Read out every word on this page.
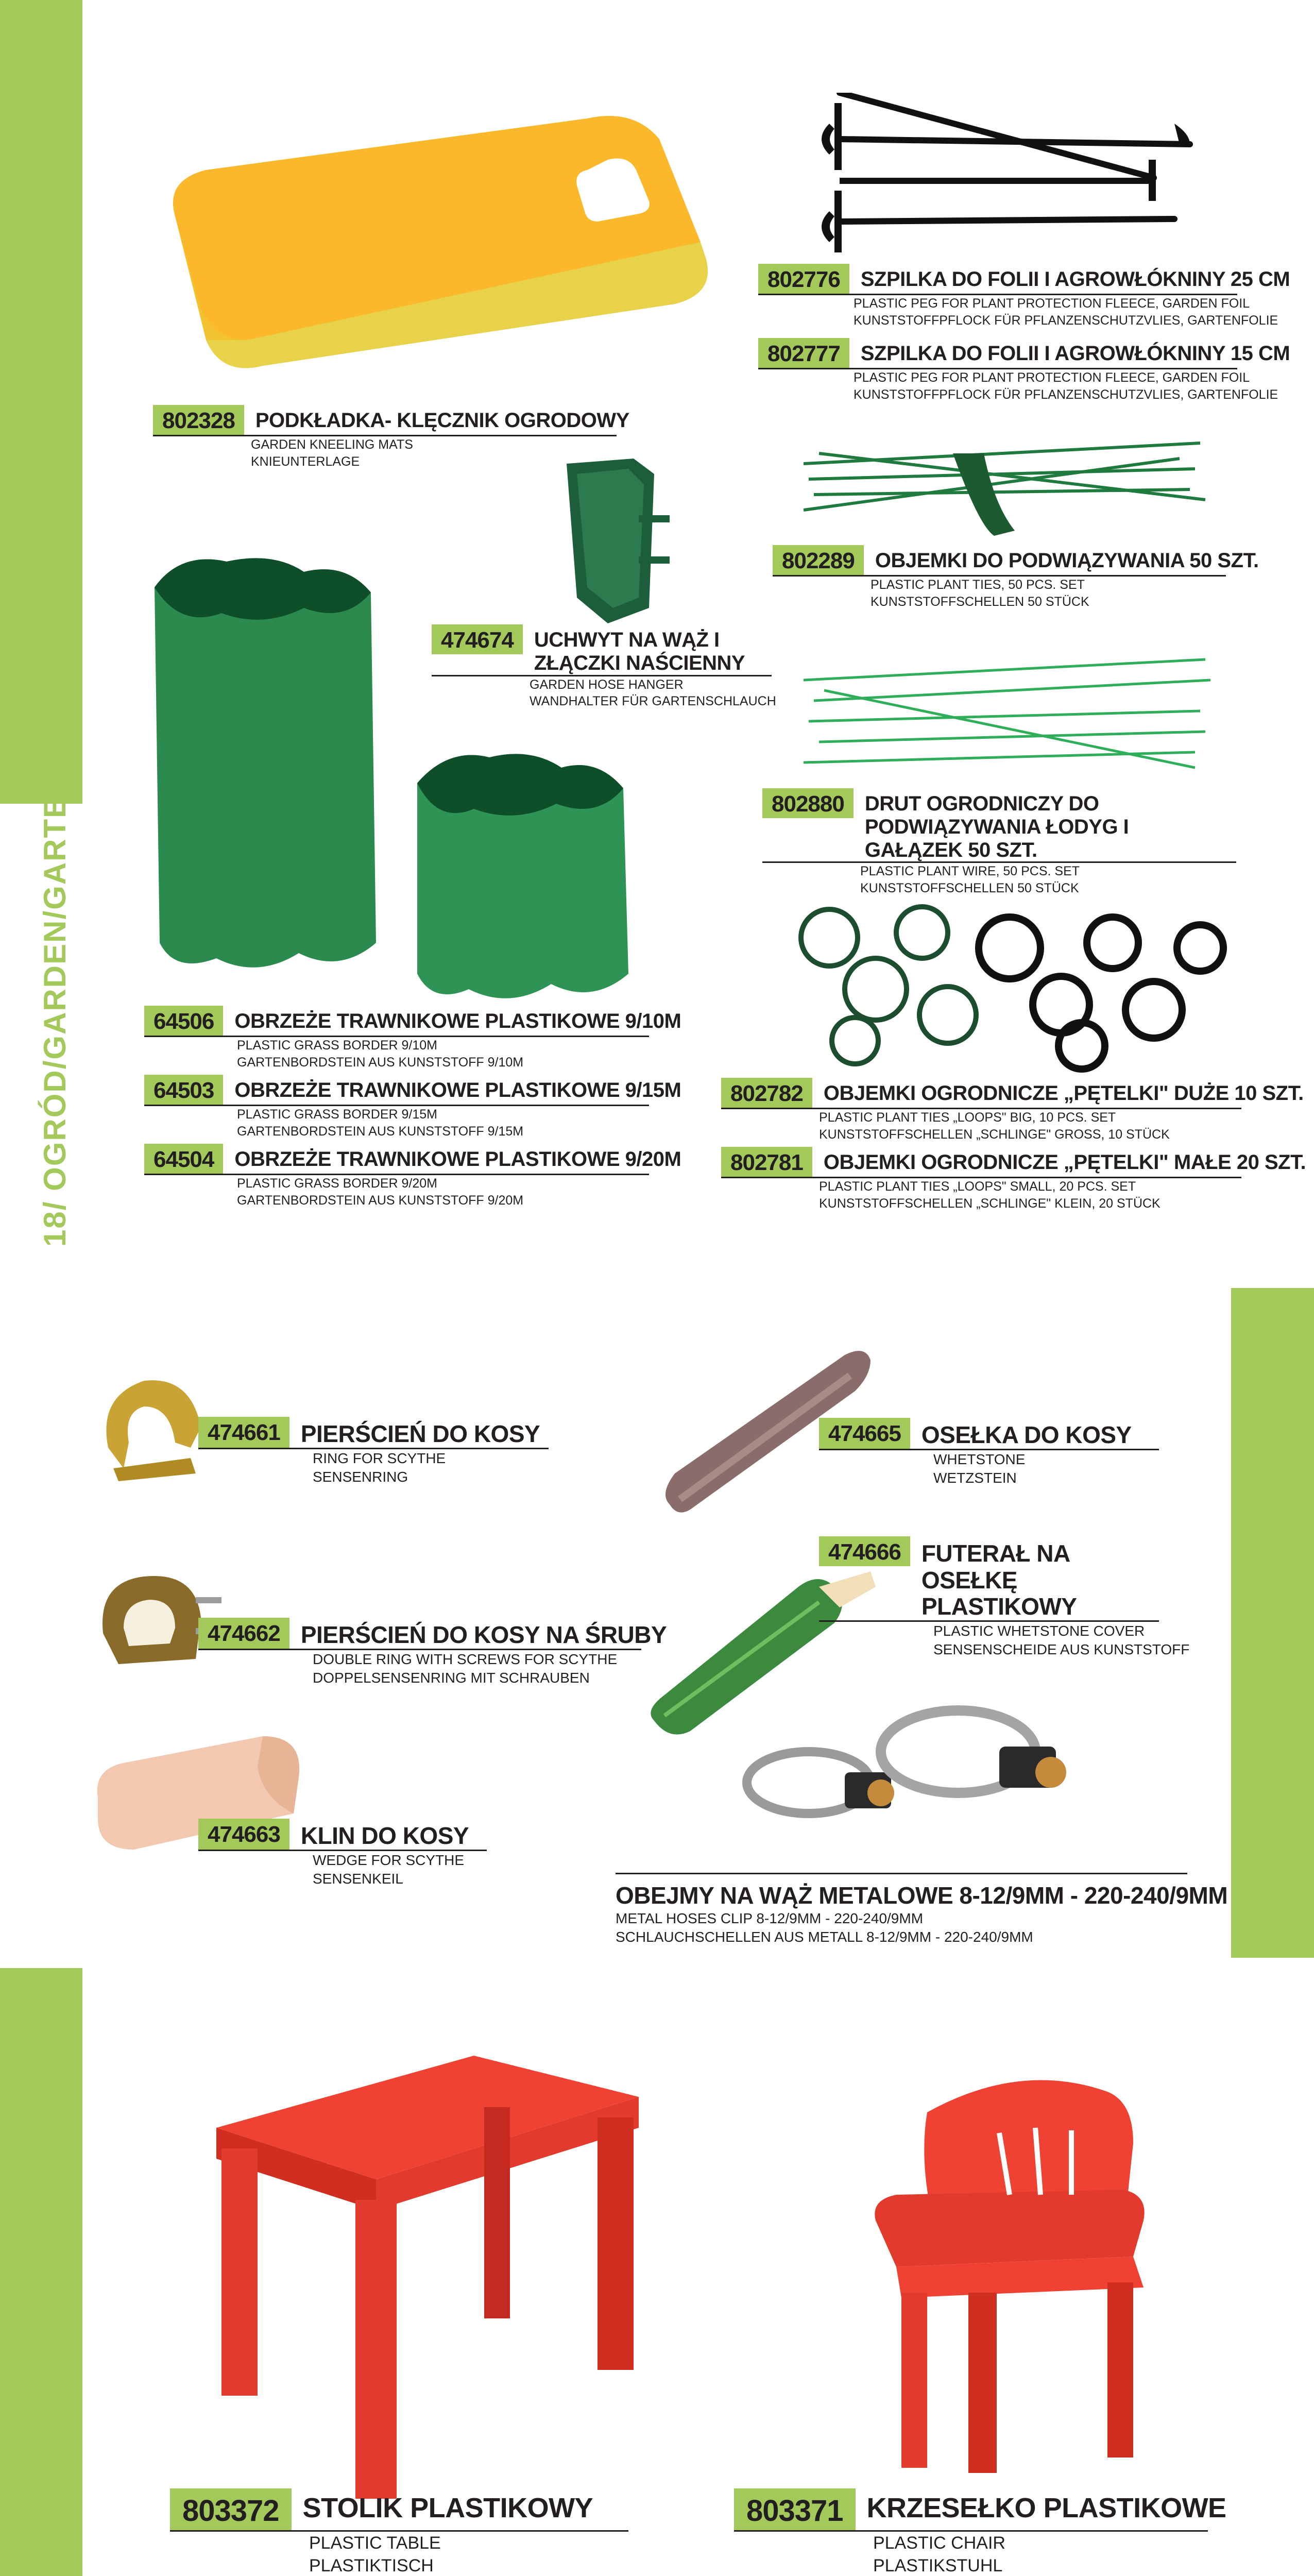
18/ OGRÓD/GARDEN/GARTEN
802328	PODKŁADKA- KLĘCZNIK OGRODOWY
GARDEN KNEELING MATS
KNIEUNTERLAGE
802776	SZPILKA DO FOLII I AGROWŁÓKNINY 25 CM
PLASTIC PEG FOR PLANT PROTECTION FLEECE, GARDEN FOIL
KUNSTSTOFFPFLOCK FÜR PFLANZENSCHUTZVLIES, GARTENFOLIE
802777	SZPILKA DO FOLII I AGROWŁÓKNINY 15 CM
PLASTIC PEG FOR PLANT PROTECTION FLEECE, GARDEN FOIL
KUNSTSTOFFPFLOCK FÜR PFLANZENSCHUTZVLIES, GARTENFOLIE
802289	OBJEMKI DO PODWIĄZYWANIA 50 SZT.
PLASTIC PLANT TIES, 50 PCS. SET
KUNSTSTOFFSCHELLEN 50 STÜCK
474674	UCHWYT NA WĄŻ I ZŁĄCZKI NAŚCIENNY
GARDEN HOSE HANGER
WANDHALTER FÜR GARTENSCHLAUCH
802880	DRUT OGRODNICZY DO PODWIĄZYWANIA ŁODYG I GAŁĄZEK 50 SZT.
PLASTIC PLANT WIRE, 50 PCS. SET
KUNSTSTOFFSCHELLEN 50 STÜCK
64506	OBRZEŻE TRAWNIKOWE PLASTIKOWE 9/10M
PLASTIC GRASS BORDER 9/10M
GARTENBORDSTEIN AUS KUNSTSTOFF 9/10M
64503	OBRZEŻE TRAWNIKOWE PLASTIKOWE 9/15M
PLASTIC GRASS BORDER 9/15M
GARTENBORDSTEIN AUS KUNSTSTOFF 9/15M
64504	OBRZEŻE TRAWNIKOWE PLASTIKOWE 9/20M
PLASTIC GRASS BORDER 9/20M
GARTENBORDSTEIN AUS KUNSTSTOFF 9/20M
802782	OBJEMKI OGRODNICZE „PĘTELKI" DUŻE 10 SZT.
PLASTIC PLANT TIES „LOOPS" BIG, 10 PCS. SET
KUNSTSTOFFSCHELLEN „SCHLINGE" GROSS, 10 STÜCK
802781	OBJEMKI OGRODNICZE „PĘTELKI" MAŁE 20 SZT.
PLASTIC PLANT TIES „LOOPS" SMALL, 20 PCS. SET
KUNSTSTOFFSCHELLEN „SCHLINGE" KLEIN, 20 STÜCK
474661 PIERŚCIEŃ DO KOSY
RING FOR SCYTHE
SENSENRING
474665 OSEŁKA DO KOSY
WHETSTONE
WETZSTEIN
474666 FUTERAŁ NA OSEŁKĘ PLASTIKOWY
PLASTIC WHETSTONE COVER
SENSENSCHEIDE AUS KUNSTSTOFF
474662 PIERŚCIEŃ DO KOSY NA ŚRUBY
DOUBLE RING WITH SCREWS FOR SCYTHE
DOPPELSENSENRING MIT SCHRAUBEN
474663 KLIN DO KOSY
WEDGE FOR SCYTHE
SENSENKEIL
OBEJMY NA WĄŻ METALOWE 8-12/9MM - 220-240/9MM
METAL HOSES CLIP 8-12/9MM - 220-240/9MM
SCHLAUCHSCHELLEN AUS METALL 8-12/9MM - 220-240/9MM
803372 STOLIK PLASTIKOWY
PLASTIC TABLE
PLASTIKTISCH
803371 KRZESEŁKO PLASTIKOWE
PLASTIC CHAIR
PLASTIKSTUHL
